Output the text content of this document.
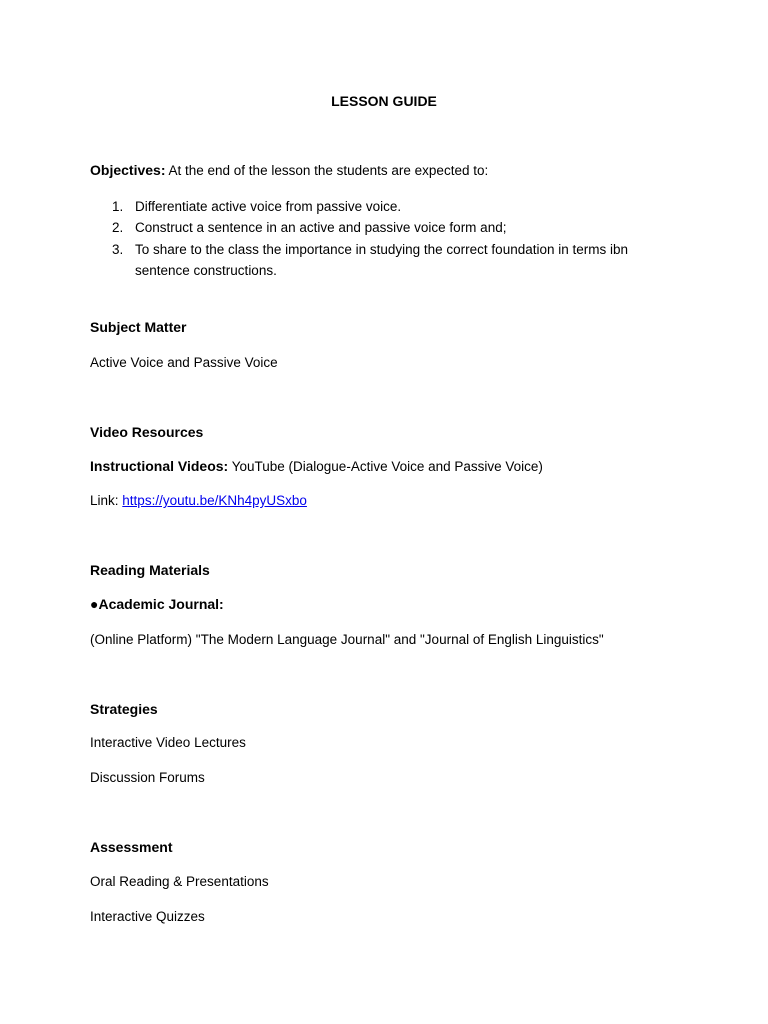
LESSON GUIDE
Objectives: At the end of the lesson the students are expected to:
1. Differentiate active voice from passive voice.
2. Construct a sentence in an active and passive voice form and;
3. To share to the class the importance in studying the correct foundation in terms ibn
sentence constructions.
Subject Matter
Active Voice and Passive Voice
Video Resources
Instructional Videos: YouTube (Dialogue-Active Voice and Passive Voice)
Link: https://youtu.be/KNh4pyUSxbo
Reading Materials
●Academic Journal:
(Online Platform) "The Modern Language Journal" and "Journal of English Linguistics"
Strategies
Interactive Video Lectures
Discussion Forums
Assessment
Oral Reading & Presentations
Interactive Quizzes
